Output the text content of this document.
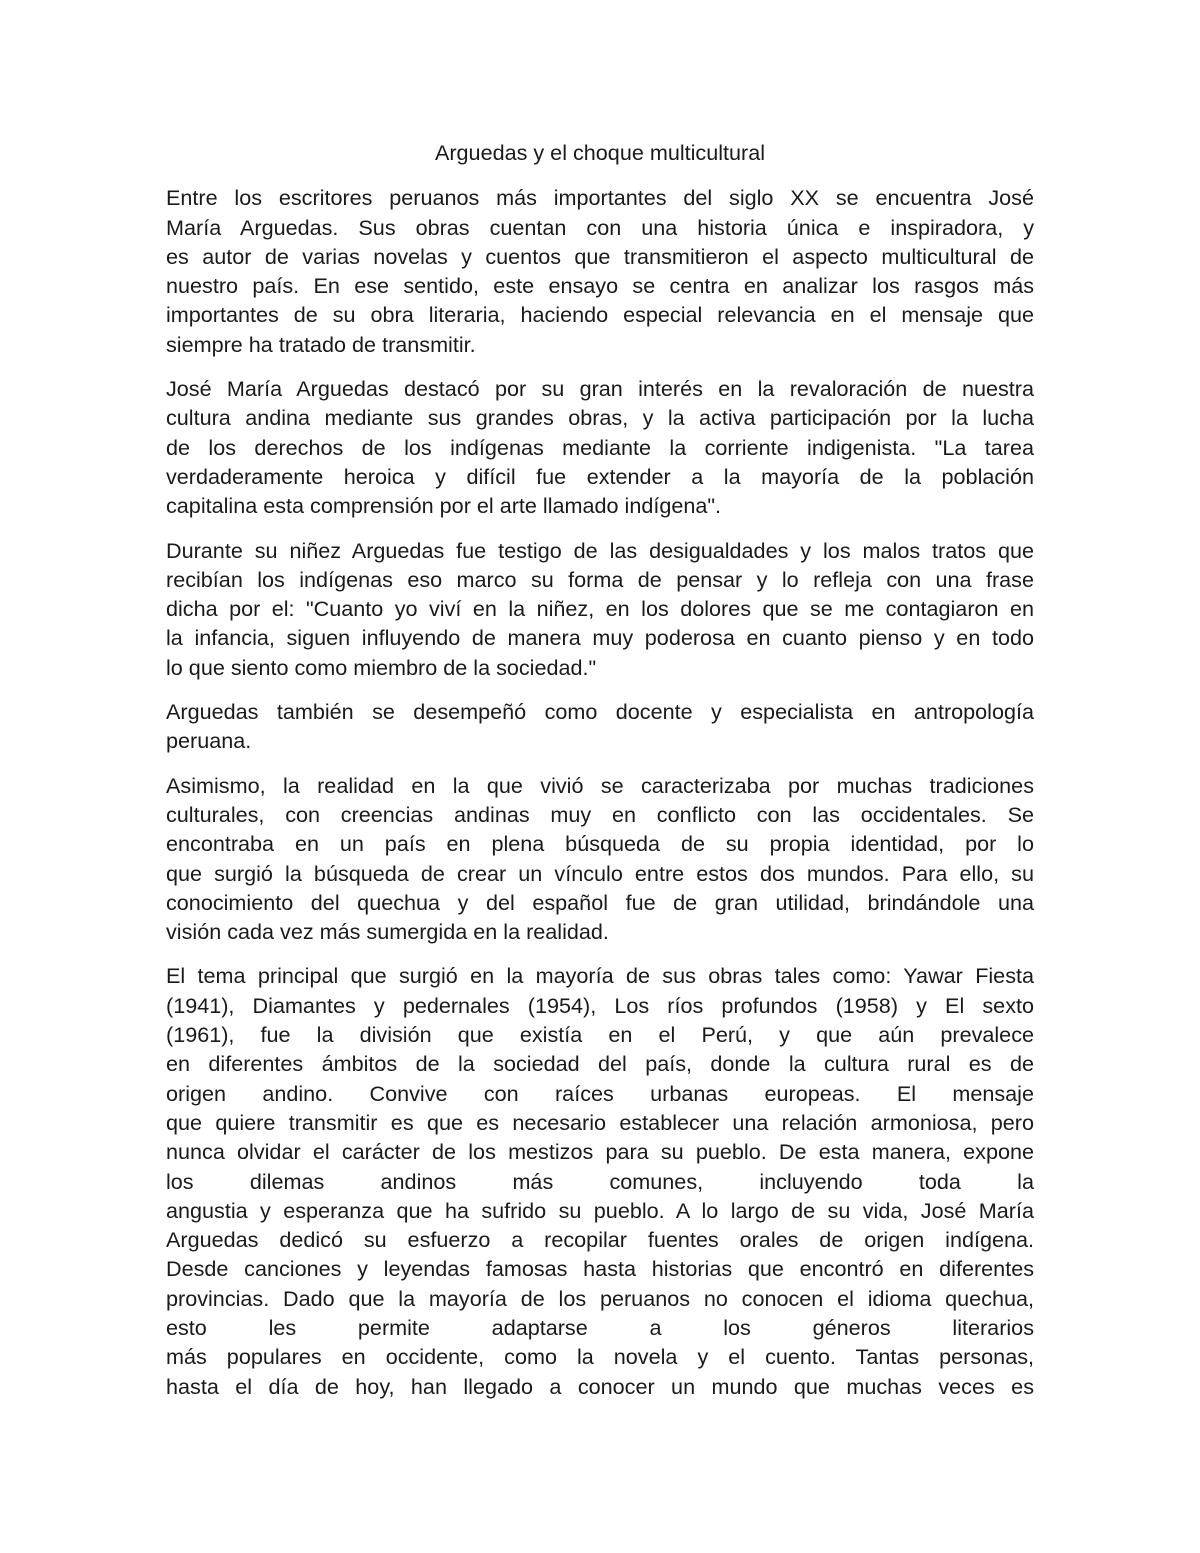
Arguedas y el choque multicultural
Entre los escritores peruanos más importantes del siglo XX se encuentra José
María Arguedas. Sus obras cuentan con una historia única e inspiradora, y
es autor de varias novelas y cuentos que transmitieron el aspecto multicultural de
nuestro país. En ese sentido, este ensayo se centra en analizar los rasgos más
importantes de su obra literaria, haciendo especial relevancia en el mensaje que
siempre ha tratado de transmitir.
José María Arguedas destacó por su gran interés en la revaloración de nuestra
cultura andina mediante sus grandes obras, y la activa participación por la lucha
de los derechos de los indígenas mediante la corriente indigenista. "La tarea
verdaderamente heroica y difícil fue extender a la mayoría de la población
capitalina esta comprensión por el arte llamado indígena".
Durante su niñez Arguedas fue testigo de las desigualdades y los malos tratos que
recibían los indígenas eso marco su forma de pensar y lo refleja con una frase
dicha por el: "Cuanto yo viví en la niñez, en los dolores que se me contagiaron en
la infancia, siguen influyendo de manera muy poderosa en cuanto pienso y en todo
lo que siento como miembro de la sociedad."
Arguedas también se desempeñó como docente y especialista en antropología
peruana.
Asimismo, la realidad en la que vivió se caracterizaba por muchas tradiciones
culturales, con creencias andinas muy en conflicto con las occidentales. Se
encontraba en un país en plena búsqueda de su propia identidad, por lo
que surgió la búsqueda de crear un vínculo entre estos dos mundos. Para ello, su
conocimiento del quechua y del español fue de gran utilidad, brindándole una
visión cada vez más sumergida en la realidad.
El tema principal que surgió en la mayoría de sus obras tales como: Yawar Fiesta
(1941), Diamantes y pedernales (1954), Los ríos profundos (1958) y El sexto
(1961), fue la división que existía en el Perú, y que aún prevalece
en diferentes ámbitos de la sociedad del país, donde la cultura rural es de
origen andino. Convive con raíces urbanas europeas. El mensaje
que quiere transmitir es que es necesario establecer una relación armoniosa, pero
nunca olvidar el carácter de los mestizos para su pueblo. De esta manera, expone
los dilemas andinos más comunes, incluyendo toda la
angustia y esperanza que ha sufrido su pueblo. A lo largo de su vida, José María
Arguedas dedicó su esfuerzo a recopilar fuentes orales de origen indígena.
Desde canciones y leyendas famosas hasta historias que encontró en diferentes
provincias. Dado que la mayoría de los peruanos no conocen el idioma quechua,
esto les permite adaptarse a los géneros literarios
más populares en occidente, como la novela y el cuento. Tantas personas,
hasta el día de hoy, han llegado a conocer un mundo que muchas veces es
